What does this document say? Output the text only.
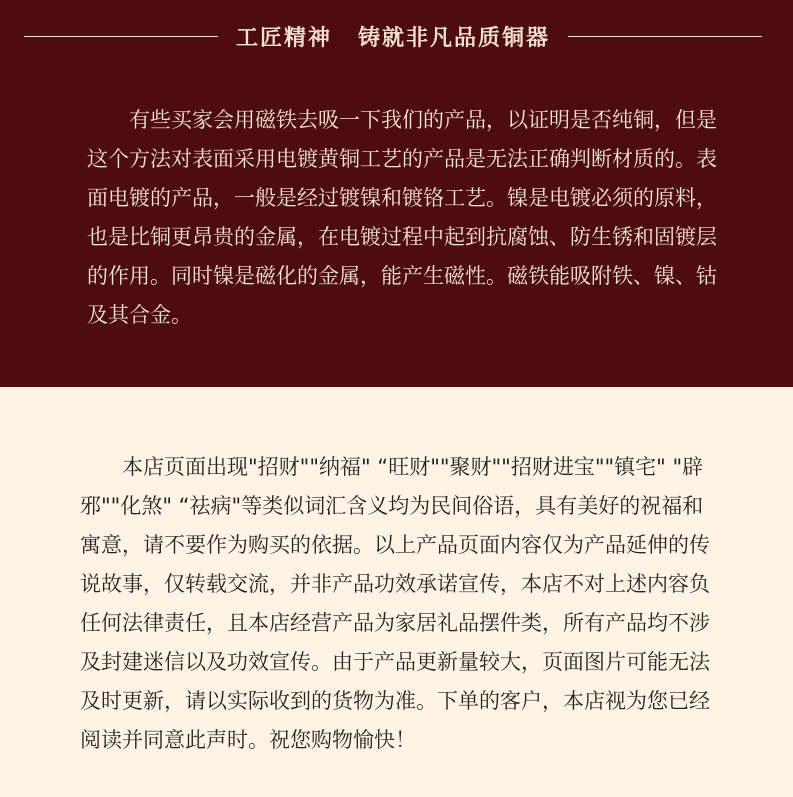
工匠精神 铸就非凡品质铜器

有些买家会用磁铁去吸一下我们的产品，以证明是否纯铜，但是这个方法对表面采用电镀黄铜工艺的产品是无法正确判断材质的。表面电镀的产品，一般是经过镀镍和镀铬工艺。镍是电镀必须的原料，也是比铜更昂贵的金属，在电镀过程中起到抗腐蚀、防生锈和固镀层的作用。同时镍是磁化的金属，能产生磁性。磁铁能吸附铁、镍、钴及其合金。

本店页面出现"招财""纳福" “旺财""聚财""招财进宝""镇宅" "辟邪""化煞" “祛病"等类似词汇含义均为民间俗语，具有美好的祝福和寓意，请不要作为购买的依据。以上产品页面内容仅为产品延伸的传说故事，仅转载交流，并非产品功效承诺宣传，本店不对上述内容负任何法律责任，且本店经营产品为家居礼品摆件类，所有产品均不涉及封建迷信以及功效宣传。由于产品更新量较大，页面图片可能无法及时更新，请以实际收到的货物为准。下单的客户，本店视为您已经阅读并同意此声时。祝您购物愉快！
